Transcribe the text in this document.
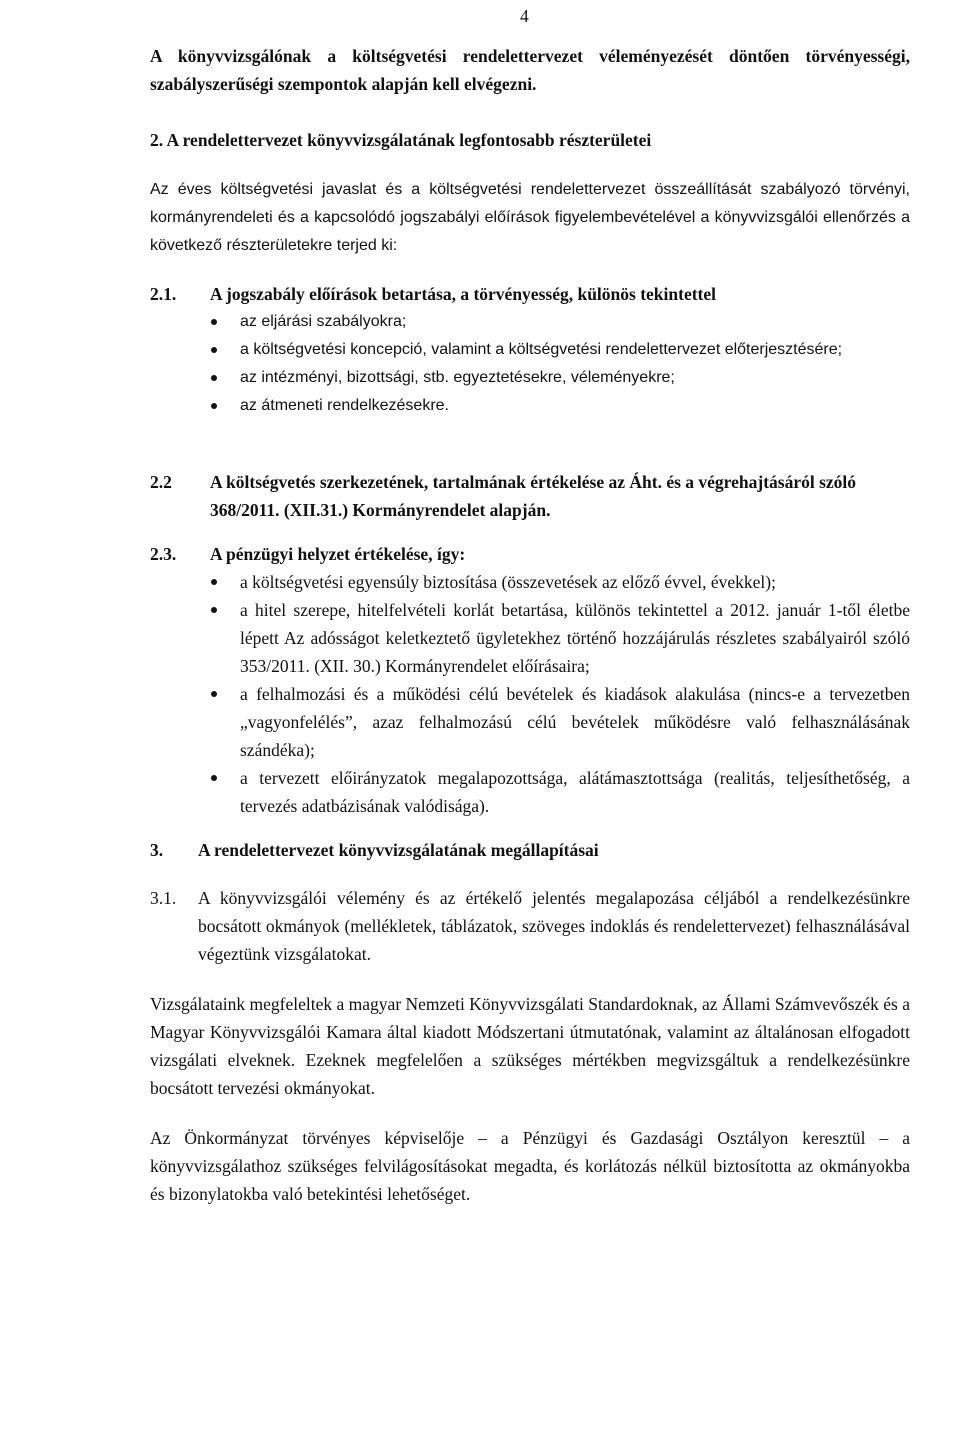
4
A könyvvizsgálónak a költségvetési rendelettervezet véleményezését döntően törvényességi, szabályszerűségi szempontok alapján kell elvégezni.
2. A rendelettervezet könyvvizsgálatának legfontosabb részterületei
Az éves költségvetési javaslat és a költségvetési rendelettervezet összeállítását szabályozó törvényi, kormányrendeleti és a kapcsolódó jogszabályi előírások figyelembevételével a könyvvizsgálói ellenőrzés a következő részterületekre terjed ki:
2.1. A jogszabály előírások betartása, a törvényesség, különös tekintettel
az eljárási szabályokra;
a költségvetési koncepció, valamint a költségvetési rendelettervezet előterjesztésére;
az intézményi, bizottsági, stb. egyeztetésekre, véleményekre;
az átmeneti rendelkezésekre.
2.2 A költségvetés szerkezetének, tartalmának értékelése az Áht. és a végrehajtásáról szóló 368/2011. (XII.31.) Kormányrendelet alapján.
2.3. A pénzügyi helyzet értékelése, így:
a költségvetési egyensúly biztosítása (összevetések az előző évvel, évekkel);
a hitel szerepe, hitelfelvételi korlát betartása, különös tekintettel a 2012. január 1-től életbe lépett Az adósságot keletkeztető ügyletekhez történő hozzájárulás részletes szabályairól szóló 353/2011. (XII. 30.) Kormányrendelet előírásaira;
a felhalmozási és a működési célú bevételek és kiadások alakulása (nincs-e a tervezetben „vagyonfelélés”, azaz felhalmozású célú bevételek működésre való felhasználásának szándéka);
a tervezett előirányzatok megalapozottsága, alátámasztottsága (realitás, teljesíthetőség, a tervezés adatbázisának valódisága).
3. A rendelettervezet könyvvizsgálatának megállapításai
3.1. A könyvvizsgálói vélemény és az értékelő jelentés megalapozása céljából a rendelkezésünkre bocsátott okmányok (mellékletek, táblázatok, szöveges indoklás és rendelettervezet) felhasználásával végeztünk vizsgálatokat.
Vizsgálataink megfeleltek a magyar Nemzeti Könyvvizsgálati Standardoknak, az Állami Számvevőszék és a Magyar Könyvvizsgálói Kamara által kiadott Módszertani útmutatónak, valamint az általánosan elfogadott vizsgálati elveknek. Ezeknek megfelelően a szükséges mértékben megvizsgáltuk a rendelkezésünkre bocsátott tervezési okmányokat.
Az Önkormányzat törvényes képviselője – a Pénzügyi és Gazdasági Osztályon keresztül – a könyvvizsgálathoz szükséges felvilágosításokat megadta, és korlátozás nélkül biztosította az okmányokba és bizonylatokba való betekintési lehetőséget.
